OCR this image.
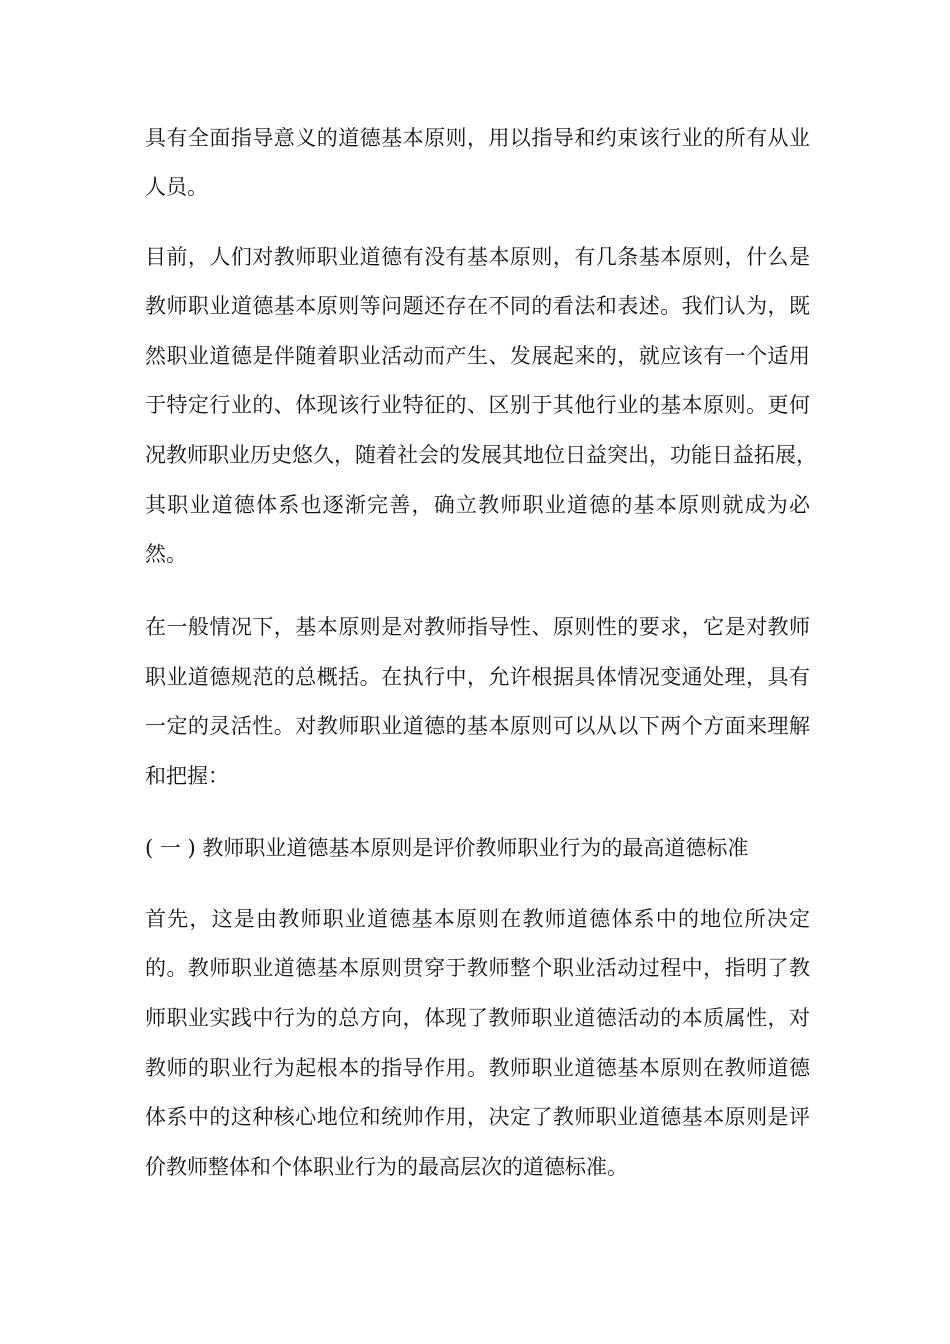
具有全面指导意义的道德基本原则，用以指导和约束该行业的所有从业
人员。
目前，人们对教师职业道德有没有基本原则，有几条基本原则，什么是
教师职业道德基本原则等问题还存在不同的看法和表述。我们认为，既
然职业道德是伴随着职业活动而产生、发展起来的，就应该有一个适用
于特定行业的、体现该行业特征的、区别于其他行业的基本原则。更何
况教师职业历史悠久，随着社会的发展其地位日益突出，功能日益拓展，
其职业道德体系也逐渐完善，确立教师职业道德的基本原则就成为必
然。
在一般情况下，基本原则是对教师指导性、原则性的要求，它是对教师
职业道德规范的总概括。在执行中，允许根据具体情况变通处理，具有
一定的灵活性。对教师职业道德的基本原则可以从以下两个方面来理解
和把握：
( 一 ) 教师职业道德基本原则是评价教师职业行为的最高道德标准
首先，这是由教师职业道德基本原则在教师道德体系中的地位所决定
的。教师职业道德基本原则贯穿于教师整个职业活动过程中，指明了教
师职业实践中行为的总方向，体现了教师职业道德活动的本质属性，对
教师的职业行为起根本的指导作用。教师职业道德基本原则在教师道德
体系中的这种核心地位和统帅作用，决定了教师职业道德基本原则是评
价教师整体和个体职业行为的最高层次的道德标准。
